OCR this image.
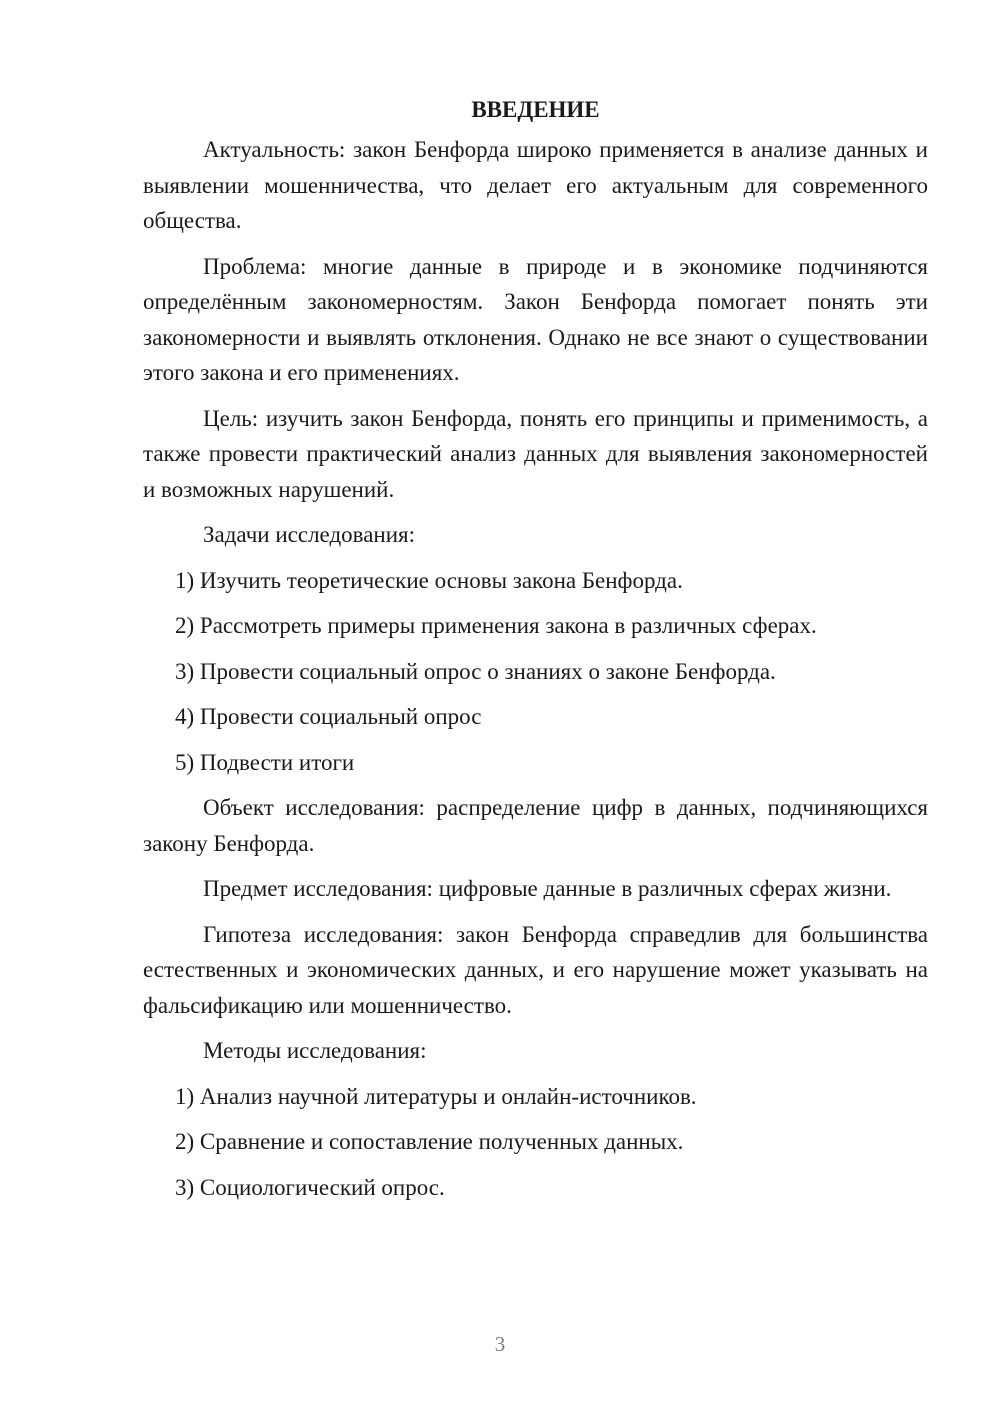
ВВЕДЕНИЕ
Актуальность: закон Бенфорда широко применяется в анализе данных и выявлении мошенничества, что делает его актуальным для современного общества.
Проблема: многие данные в природе и в экономике подчиняются определённым закономерностям. Закон Бенфорда помогает понять эти закономерности и выявлять отклонения. Однако не все знают о существовании этого закона и его применениях.
Цель: изучить закон Бенфорда, понять его принципы и применимость, а также провести практический анализ данных для выявления закономерностей и возможных нарушений.
Задачи исследования:
1) Изучить теоретические основы закона Бенфорда.
2) Рассмотреть примеры применения закона в различных сферах.
3) Провести социальный опрос о знаниях о законе Бенфорда.
4) Провести социальный опрос
5) Подвести итоги
Объект исследования: распределение цифр в данных, подчиняющихся закону Бенфорда.
Предмет исследования: цифровые данные в различных сферах жизни.
Гипотеза исследования: закон Бенфорда справедлив для большинства естественных и экономических данных, и его нарушение может указывать на фальсификацию или мошенничество.
Методы исследования:
1) Анализ научной литературы и онлайн-источников.
2) Сравнение и сопоставление полученных данных.
3) Социологический опрос.
3
